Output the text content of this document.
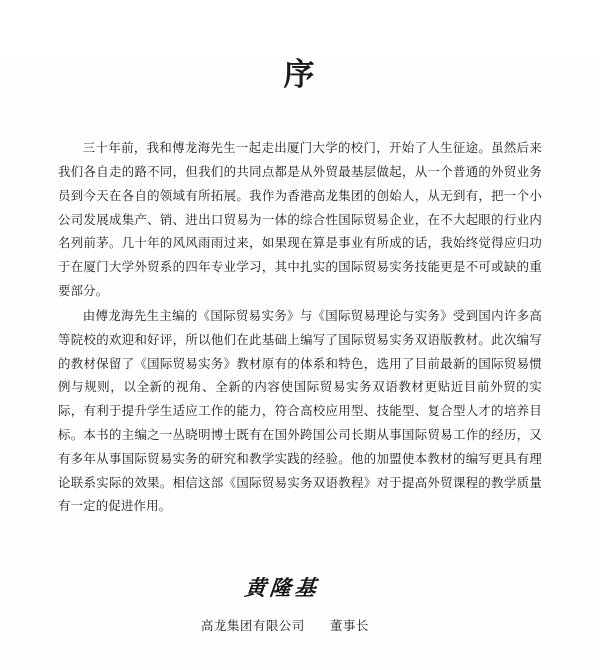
序

三十年前，我和傅龙海先生一起走出厦门大学的校门，开始了人生征途。虽然后来我们各自走的路不同，但我们的共同点都是从外贸最基层做起，从一个普通的外贸业务员到今天在各自的领域有所拓展。我作为香港高龙集团的创始人，从无到有，把一个小公司发展成集产、销、进出口贸易为一体的综合性国际贸易企业，在不大起眼的行业内名列前茅。几十年的风风雨雨过来，如果现在算是事业有所成的话，我始终觉得应归功于在厦门大学外贸系的四年专业学习，其中扎实的国际贸易实务技能更是不可或缺的重要部分。

由傅龙海先生主编的《国际贸易实务》与《国际贸易理论与实务》受到国内许多高等院校的欢迎和好评，所以他们在此基础上编写了国际贸易实务双语版教材。此次编写的教材保留了《国际贸易实务》教材原有的体系和特色，选用了目前最新的国际贸易惯例与规则，以全新的视角、全新的内容使国际贸易实务双语教材更贴近目前外贸的实际，有利于提升学生适应工作的能力，符合高校应用型、技能型、复合型人才的培养目标。本书的主编之一丛晓明博士既有在国外跨国公司长期从事国际贸易工作的经历，又有多年从事国际贸易实务的研究和教学实践的经验。他的加盟使本教材的编写更具有理论联系实际的效果。相信这部《国际贸易实务双语教程》对于提高外贸课程的教学质量有一定的促进作用。

黄隆基
高龙集团有限公司 董事长
